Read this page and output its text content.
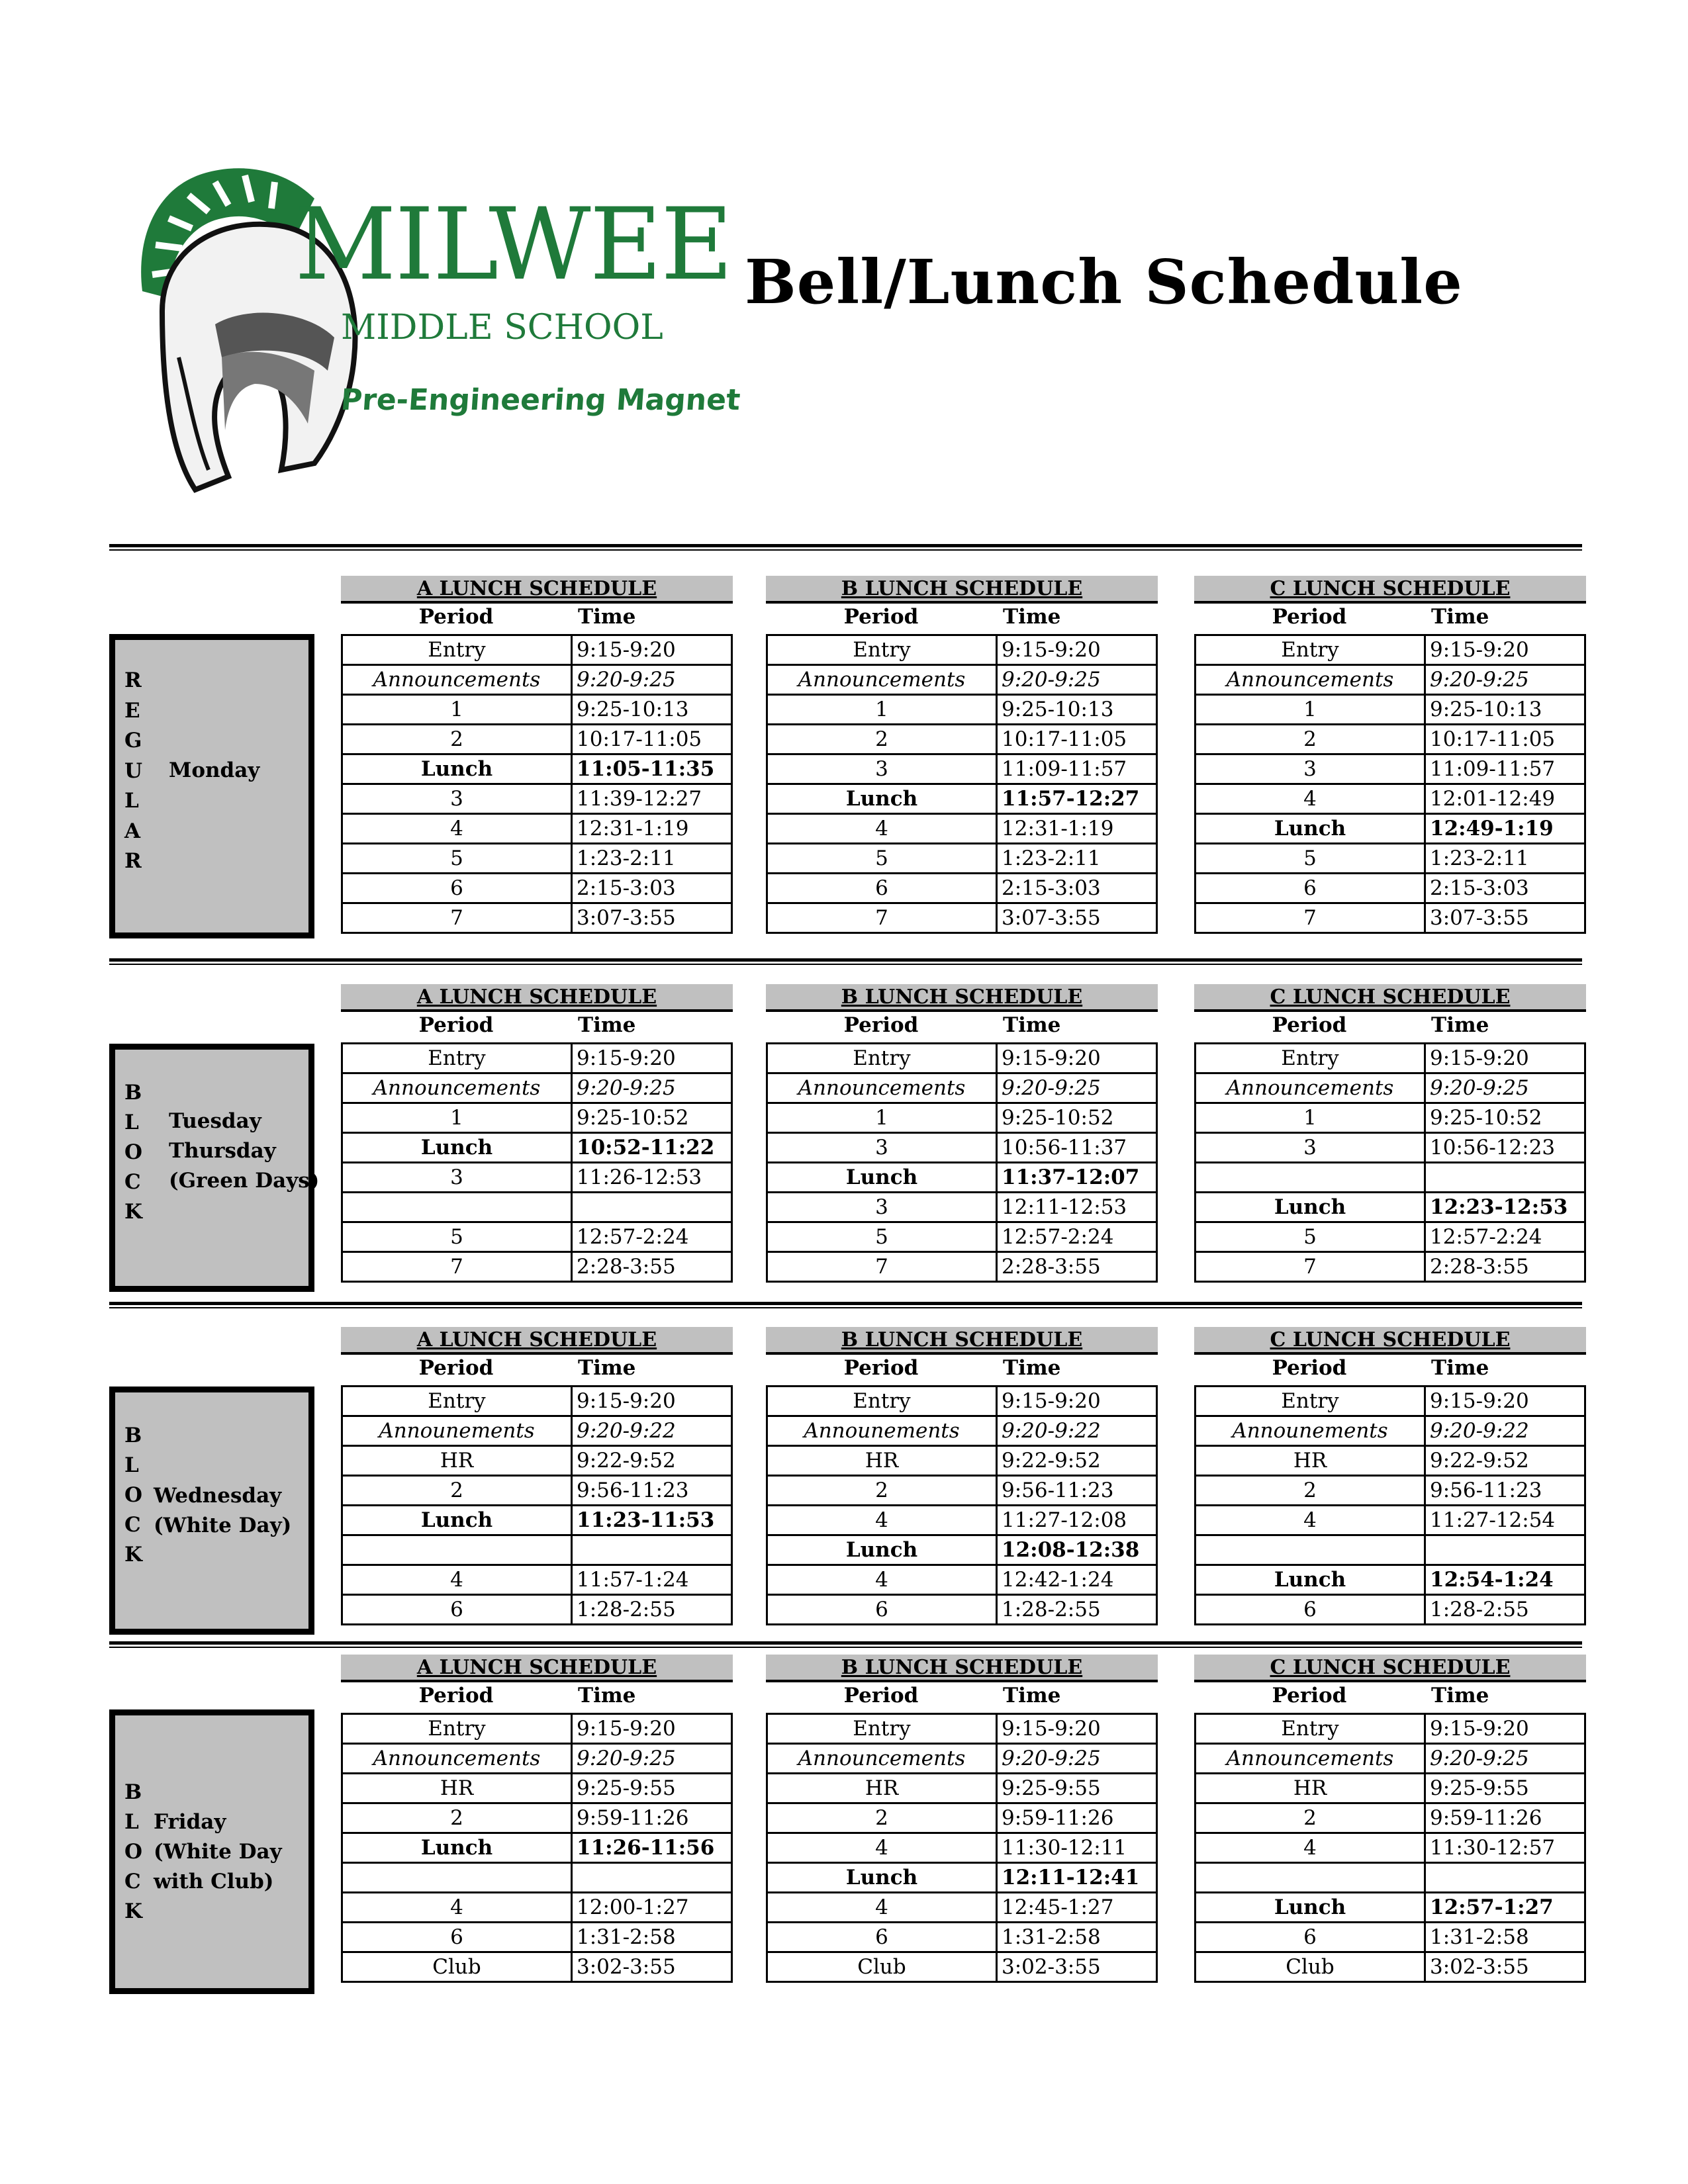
MILWEE
MIDDLE SCHOOL
Pre-Engineering Magnet
Bell/Lunch Schedule
R
E
G
U
L
A
R
Monday
A LUNCH SCHEDULE
Period	Time
Entry	9:15-9:20
Announcements	9:20-9:25
1	9:25-10:13
2	10:17-11:05
Lunch	11:05-11:35
3	11:39-12:27
4	12:31-1:19
5	1:23-2:11
6	2:15-3:03
7	3:07-3:55
B LUNCH SCHEDULE
Period	Time
Entry	9:15-9:20
Announcements	9:20-9:25
1	9:25-10:13
2	10:17-11:05
3	11:09-11:57
Lunch	11:57-12:27
4	12:31-1:19
5	1:23-2:11
6	2:15-3:03
7	3:07-3:55
C LUNCH SCHEDULE
Period	Time
Entry	9:15-9:20
Announcements	9:20-9:25
1	9:25-10:13
2	10:17-11:05
3	11:09-11:57
4	12:01-12:49
Lunch	12:49-1:19
5	1:23-2:11
6	2:15-3:03
7	3:07-3:55
B
L
O
C
K
Tuesday
Thursday
(Green Days)
A LUNCH SCHEDULE
Period	Time
Entry	9:15-9:20
Announcements	9:20-9:25
1	9:25-10:52
Lunch	10:52-11:22
3	11:26-12:53

5	12:57-2:24
7	2:28-3:55
B LUNCH SCHEDULE
Period	Time
Entry	9:15-9:20
Announcements	9:20-9:25
1	9:25-10:52
3	10:56-11:37
Lunch	11:37-12:07
3	12:11-12:53
5	12:57-2:24
7	2:28-3:55
C LUNCH SCHEDULE
Period	Time
Entry	9:15-9:20
Announcements	9:20-9:25
1	9:25-10:52
3	10:56-12:23

Lunch	12:23-12:53
5	12:57-2:24
7	2:28-3:55
B
L
O
C
K
Wednesday
(White Day)
A LUNCH SCHEDULE
Period	Time
Entry	9:15-9:20
Announements	9:20-9:22
HR	9:22-9:52
2	9:56-11:23
Lunch	11:23-11:53

4	11:57-1:24
6	1:28-2:55
B LUNCH SCHEDULE
Period	Time
Entry	9:15-9:20
Announements	9:20-9:22
HR	9:22-9:52
2	9:56-11:23
4	11:27-12:08
Lunch	12:08-12:38
4	12:42-1:24
6	1:28-2:55
C LUNCH SCHEDULE
Period	Time
Entry	9:15-9:20
Announements	9:20-9:22
HR	9:22-9:52
2	9:56-11:23
4	11:27-12:54

Lunch	12:54-1:24
6	1:28-2:55
B
L
O
C
K
Friday
(White Day
with Club)
A LUNCH SCHEDULE
Period	Time
Entry	9:15-9:20
Announcements	9:20-9:25
HR	9:25-9:55
2	9:59-11:26
Lunch	11:26-11:56

4	12:00-1:27
6	1:31-2:58
Club	3:02-3:55
B LUNCH SCHEDULE
Period	Time
Entry	9:15-9:20
Announcements	9:20-9:25
HR	9:25-9:55
2	9:59-11:26
4	11:30-12:11
Lunch	12:11-12:41
4	12:45-1:27
6	1:31-2:58
Club	3:02-3:55
C LUNCH SCHEDULE
Period	Time
Entry	9:15-9:20
Announcements	9:20-9:25
HR	9:25-9:55
2	9:59-11:26
4	11:30-12:57

Lunch	12:57-1:27
6	1:31-2:58
Club	3:02-3:55
